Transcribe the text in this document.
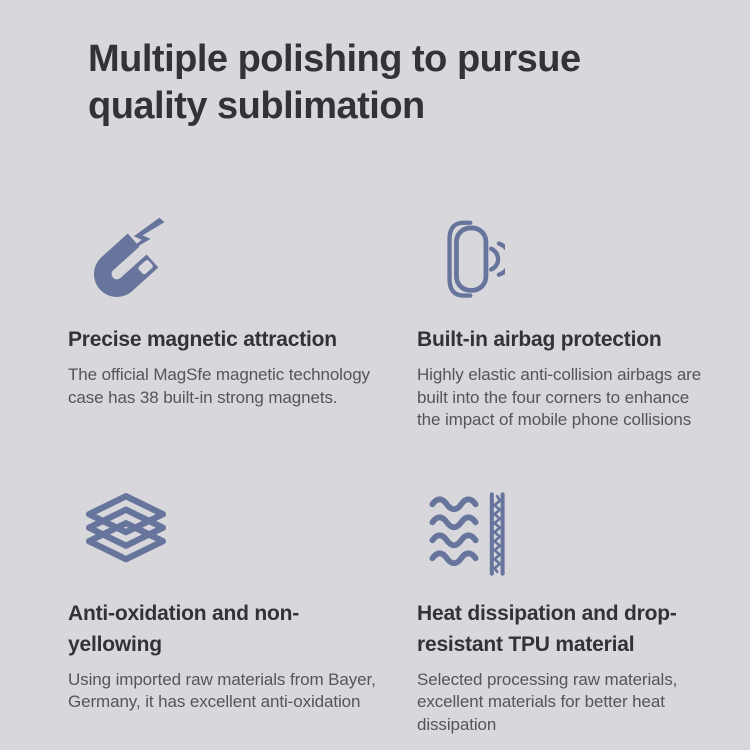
Multiple polishing to pursue
quality sublimation
Precise magnetic attraction

The official MagSfe magnetic technology case has 38 built-in strong magnets.

Built-in airbag protection

Highly elastic anti-collision airbags are built into the four corners to enhance the impact of mobile phone collisions

Anti-oxidation and non-yellowing

Using imported raw materials from Bayer, Germany, it has excellent anti-oxidation

Heat dissipation and drop-resistant TPU material

Selected processing raw materials, excellent materials for better heat dissipation
